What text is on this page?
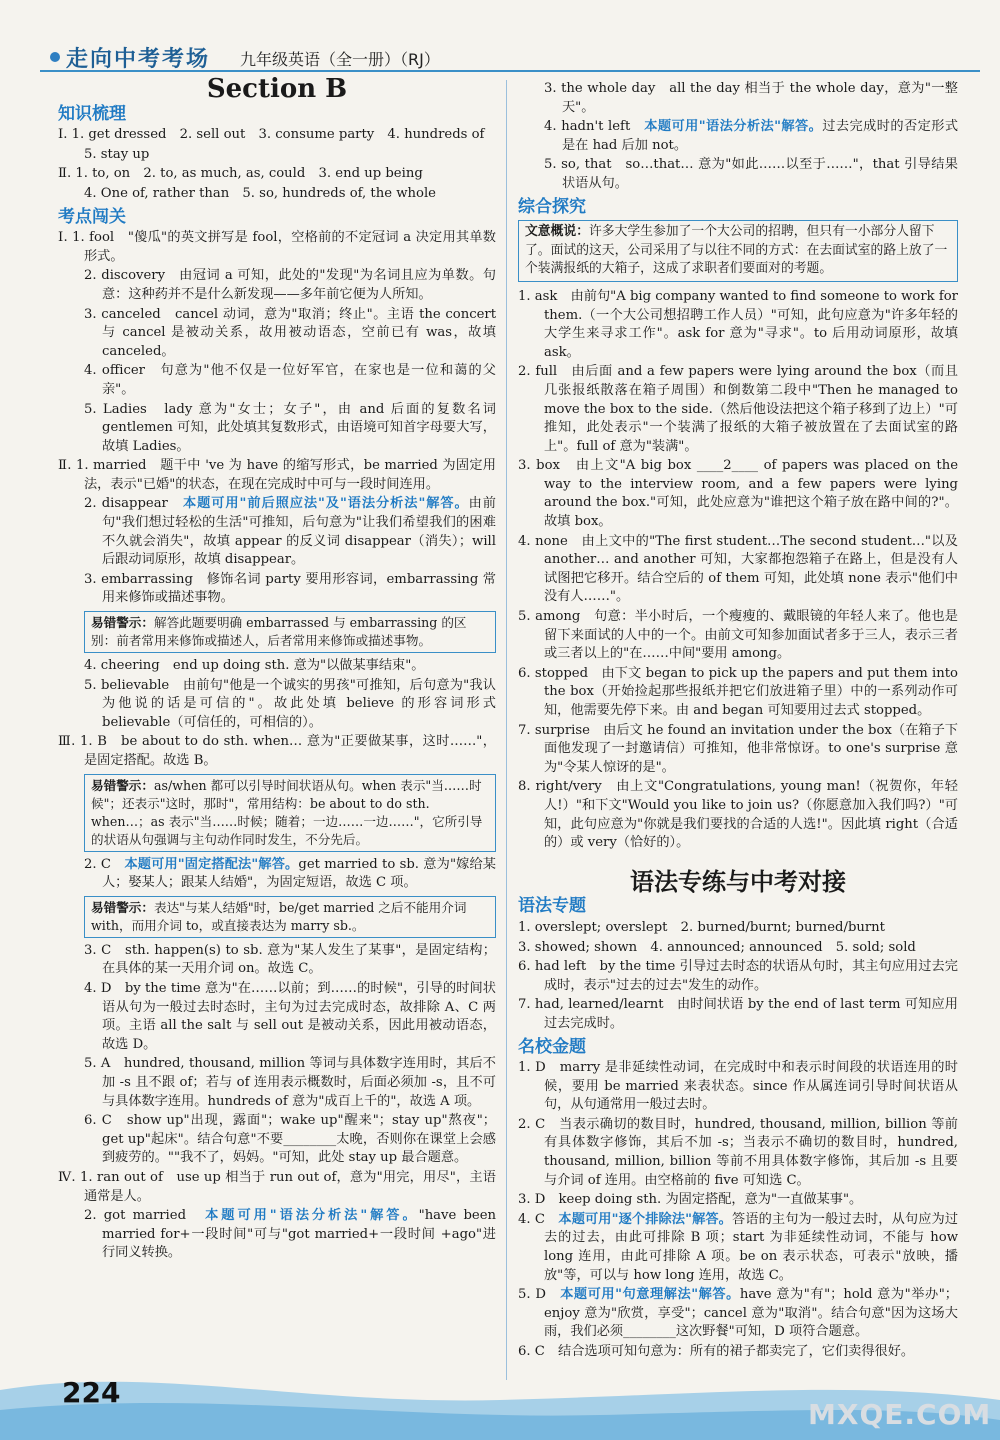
走向中考考场 九年级英语（全一册）（RJ）
Section B
知识梳理
Ⅰ. 1. get dressed　2. sell out　3. consume party　4. hundreds of
5. stay up
Ⅱ. 1. to, on　2. to, as much, as, could　3. end up being
4. One of, rather than　5. so, hundreds of, the whole
考点闯关
Ⅰ. 1. fool　"傻瓜"的英文拼写是 fool，空格前的不定冠词 a 决定用其单数形式。
2. discovery　由冠词 a 可知，此处的"发现"为名词且应为单数。句意：这种药并不是什么新发现——多年前它便为人所知。
3. canceled　cancel 动词，意为"取消；终止"。主语 the concert 与 cancel 是被动关系，故用被动语态，空前已有 was，故填 canceled。
4. officer　句意为"他不仅是一位好军官，在家也是一位和蔼的父亲"。
5. Ladies　lady 意为"女士；女子"，由 and 后面的复数名词 gentlemen 可知，此处填其复数形式，由语境可知首字母要大写，故填 Ladies。
Ⅱ. 1. married　题干中 've 为 have 的缩写形式，be married 为固定用法，表示"已婚"的状态，在现在完成时中可与一段时间连用。
2. disappear　本题可用"前后照应法"及"语法分析法"解答。由前句"我们想过轻松的生活"可推知，后句意为"让我们希望我们的困难不久就会消失"，故填 appear 的反义词 disappear（消失）；will 后跟动词原形，故填 disappear。
3. embarrassing　修饰名词 party 要用形容词，embarrassing 常用来修饰或描述事物。
易错警示：解答此题要明确 embarrassed 与 embarrassing 的区别：前者常用来修饰或描述人，后者常用来修饰或描述事物。
4. cheering　end up doing sth. 意为"以做某事结束"。
5. believable　由前句"他是一个诚实的男孩"可推知，后句意为"我认为他说的话是可信的"。故此处填 believe 的形容词形式 believable（可信任的，可相信的）。
Ⅲ. 1. B　be about to do sth. when… 意为"正要做某事，这时……"，是固定搭配。故选 B。
易错警示：as/when 都可以引导时间状语从句。when 表示"当……时候"；还表示"这时，那时"，常用结构：be about to do sth. when…；as 表示"当……时候；随着；一边……一边……"，它所引导的状语从句强调与主句动作同时发生，不分先后。
2. C　本题可用"固定搭配法"解答。get married to sb. 意为"嫁给某人；娶某人；跟某人结婚"，为固定短语，故选 C 项。
易错警示：表达"与某人结婚"时，be/get married 之后不能用介词 with，而用介词 to，或直接表达为 marry sb.。
3. C　sth. happen(s) to sb. 意为"某人发生了某事"，是固定结构；在具体的某一天用介词 on。故选 C。
4. D　by the time 意为"在……以前；到……的时候"，引导的时间状语从句为一般过去时态时，主句为过去完成时态，故排除 A、C 两项。主语 all the salt 与 sell out 是被动关系，因此用被动语态，故选 D。
5. A　hundred, thousand, million 等词与具体数字连用时，其后不加 -s 且不跟 of；若与 of 连用表示概数时，后面必须加 -s，且不可与具体数字连用。hundreds of 意为"成百上千的"，故选 A 项。
6. C　show up"出现，露面"；wake up"醒来"；stay up"熬夜"；get up"起床"。结合句意"不要________太晚，否则你在课堂上会感到疲劳的。""我不了，妈妈。"可知，此处 stay up 最合题意。
Ⅳ. 1. ran out of　use up 相当于 run out of，意为"用完，用尽"，主语通常是人。
2. got married　本题可用"语法分析法"解答。"have been married for+一段时间"可与"got married+一段时间 +ago"进行同义转换。
3. the whole day　all the day 相当于 the whole day，意为"一整天"。
4. hadn't left　本题可用"语法分析法"解答。过去完成时的否定形式是在 had 后加 not。
5. so, that　so…that… 意为"如此……以至于……"，that 引导结果状语从句。
综合探究
文意概说：许多大学生参加了一个大公司的招聘，但只有一小部分人留下了。面试的这天，公司采用了与以往不同的方式：在去面试室的路上放了一个装满报纸的大箱子，这成了求职者们要面对的考题。
1. ask　由前句"A big company wanted to find someone to work for them.（一个大公司想招聘工作人员）"可知，此句应意为"许多年轻的大学生来寻求工作"。ask for 意为"寻求"。to 后用动词原形，故填 ask。
2. full　由后面 and a few papers were lying around the box（而且几张报纸散落在箱子周围）和倒数第二段中"Then he managed to move the box to the side.（然后他设法把这个箱子移到了边上）"可推知，此处表示"一个装满了报纸的大箱子被放置在了去面试室的路上"。full of 意为"装满"。
3. box　由上文"A big box ____2____ of papers was placed on the way to the interview room, and a few papers were lying around the box."可知，此处应意为"谁把这个箱子放在路中间的?"。故填 box。
4. none　由上文中的"The first student…The second student…"以及 another… and another 可知，大家都抱怨箱子在路上，但是没有人试图把它移开。结合空后的 of them 可知，此处填 none 表示"他们中没有人……"。
5. among　句意：半小时后，一个瘦瘦的、戴眼镜的年轻人来了。他也是留下来面试的人中的一个。由前文可知参加面试者多于三人，表示三者或三者以上的"在……中间"要用 among。
6. stopped　由下文 began to pick up the papers and put them into the box（开始捡起那些报纸并把它们放进箱子里）中的一系列动作可知，他需要先停下来。由 and began 可知要用过去式 stopped。
7. surprise　由后文 he found an invitation under the box（在箱子下面他发现了一封邀请信）可推知，他非常惊讶。to one's surprise 意为"令某人惊讶的是"。
8. right/very　由上文"Congratulations, young man!（祝贺你，年轻人!）"和下文"Would you like to join us?（你愿意加入我们吗?）"可知，此句应意为"你就是我们要找的合适的人选!"。因此填 right（合适的）或 very（恰好的）。
语法专练与中考对接
语法专题
1. overslept; overslept　2. burned/burnt; burned/burnt
3. showed; shown　4. announced; announced　5. sold; sold
6. had left　by the time 引导过去时态的状语从句时，其主句应用过去完成时，表示"过去的过去"发生的动作。
7. had, learned/learnt　由时间状语 by the end of last term 可知应用过去完成时。
名校金题
1. D　marry 是非延续性动词，在完成时中和表示时间段的状语连用的时候，要用 be married 来表状态。since 作从属连词引导时间状语从句，从句通常用一般过去时。
2. C　当表示确切的数目时，hundred, thousand, million, billion 等前有具体数字修饰，其后不加 -s；当表示不确切的数目时，hundred, thousand, million, billion 等前不用具体数字修饰，其后加 -s 且要与介词 of 连用。由空格前的 five 可知选 C。
3. D　keep doing sth. 为固定搭配，意为"一直做某事"。
4. C　本题可用"逐个排除法"解答。答语的主句为一般过去时，从句应为过去的过去，由此可排除 B 项；start 为非延续性动词，不能与 how long 连用，由此可排除 A 项。be on 表示状态，可表示"放映，播放"等，可以与 how long 连用，故选 C。
5. D　本题可用"句意理解法"解答。have 意为"有"；hold 意为"举办"；enjoy 意为"欣赏，享受"；cancel 意为"取消"。结合句意"因为这场大雨，我们必须________这次野餐"可知，D 项符合题意。
6. C　结合选项可知句意为：所有的裙子都卖完了，它们卖得很好。
224
MXQE.COM
